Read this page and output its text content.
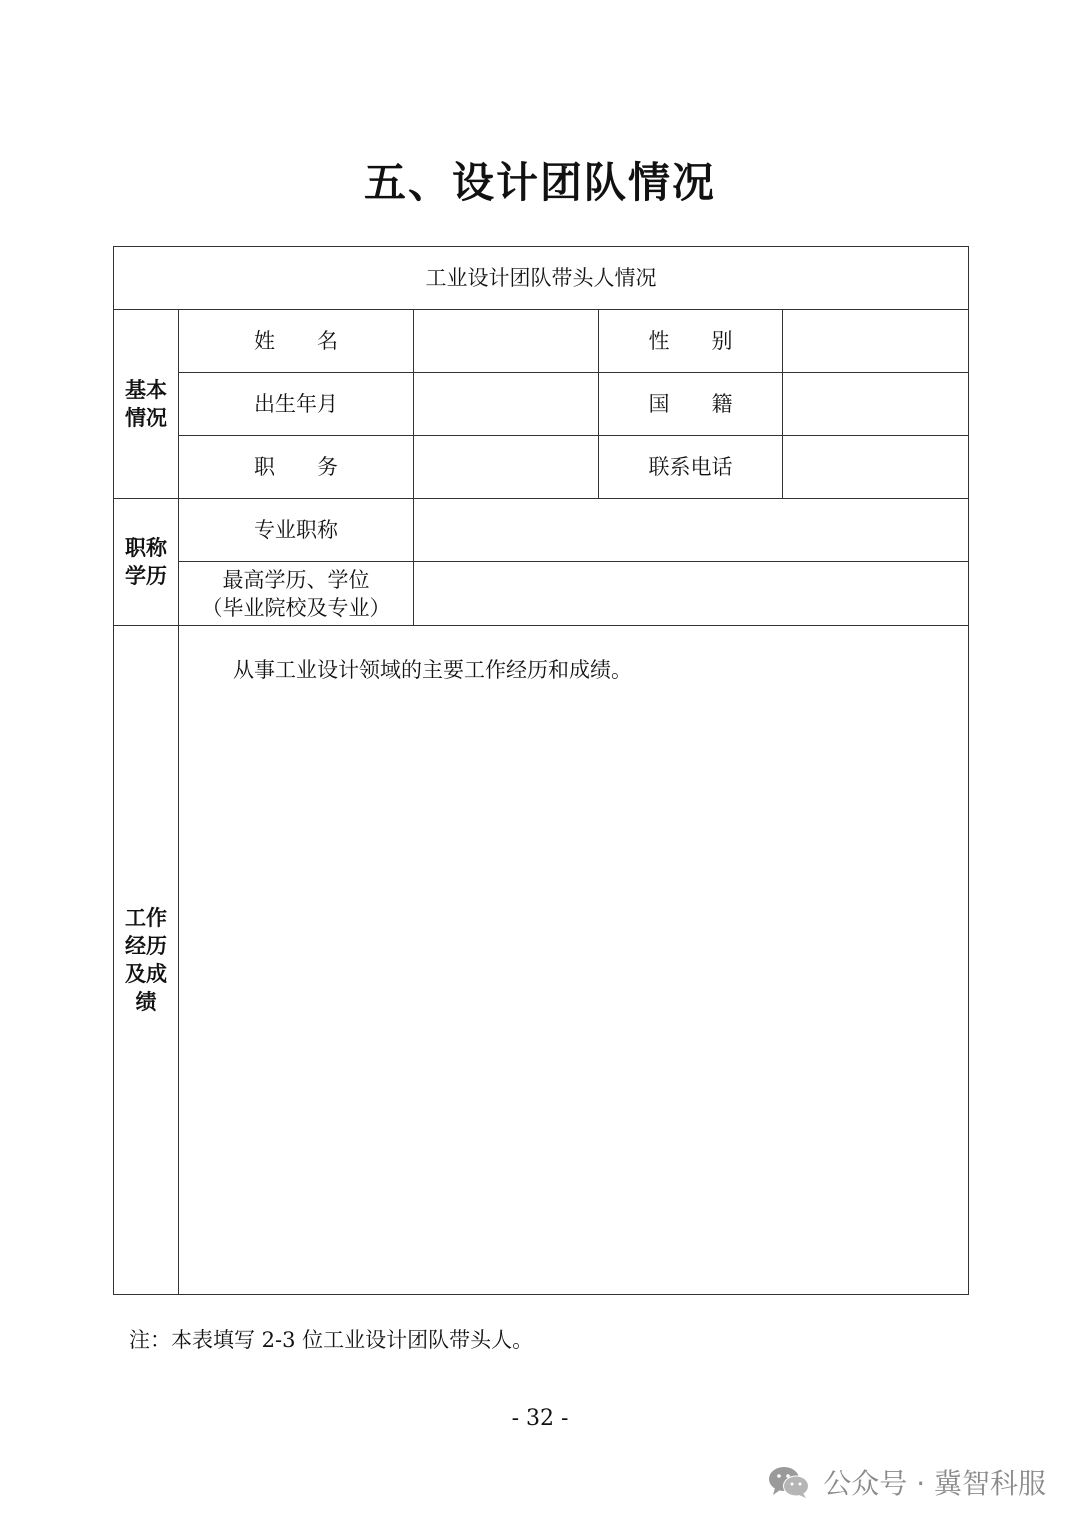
五、设计团队情况
工业设计团队带头人情况				

基本
情况	姓 名		性 别	
	出生年月		国 籍	
	职 务		联系电话	

职称
学历	专业职称			

	最高学历、学位
（毕业院校及专业）			

工作
经历
及成
绩	从事工业设计领域的主要工作经历和成绩。			

注：本表填写 2-3 位工业设计团队带头人。

- 32 -

公众号 · 冀智科服
